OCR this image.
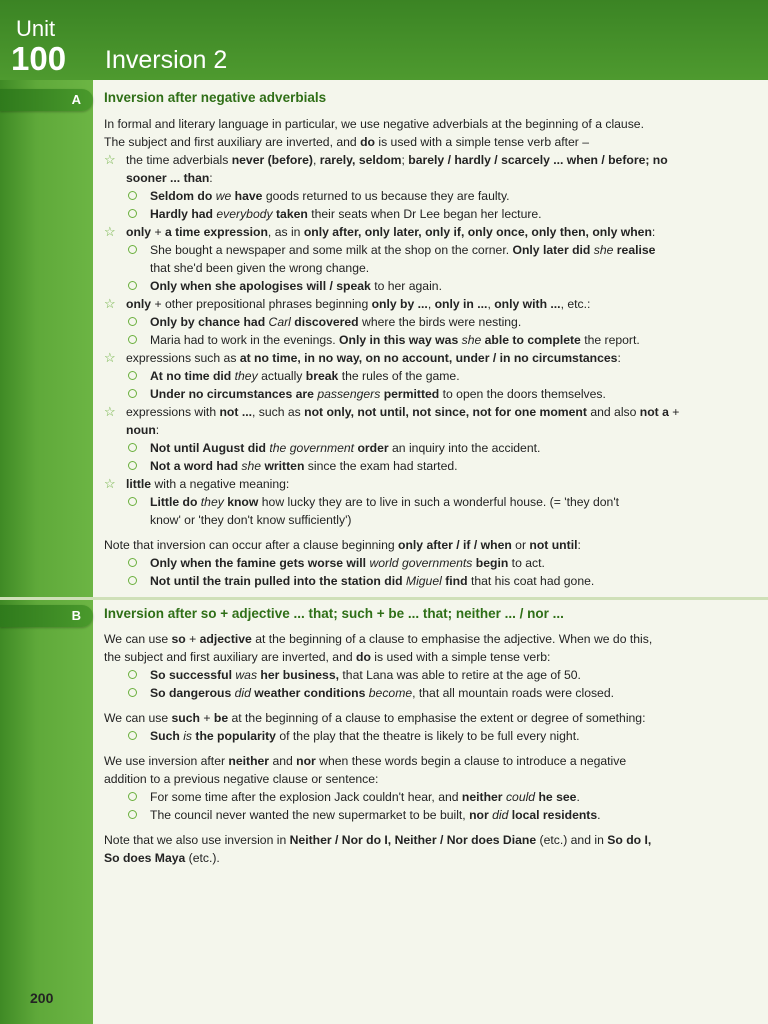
Unit
100 Inversion 2
A Inversion after negative adverbials
In formal and literary language in particular, we use negative adverbials at the beginning of a clause.
The subject and first auxiliary are inverted, and do is used with a simple tense verb after –
☆ the time adverbials never (before), rarely, seldom; barely / hardly / scarcely ... when / before; no
sooner ... than:
Seldom do we have goods returned to us because they are faulty.
Hardly had everybody taken their seats when Dr Lee began her lecture.
☆ only + a time expression, as in only after, only later, only if, only once, only then, only when:
She bought a newspaper and some milk at the shop on the corner. Only later did she realise
that she'd been given the wrong change.
Only when she apologises will / speak to her again.
☆ only + other prepositional phrases beginning only by ..., only in ..., only with ..., etc.:
Only by chance had Carl discovered where the birds were nesting.
Maria had to work in the evenings. Only in this way was she able to complete the report.
☆ expressions such as at no time, in no way, on no account, under / in no circumstances:
At no time did they actually break the rules of the game.
Under no circumstances are passengers permitted to open the doors themselves.
☆ expressions with not ..., such as not only, not until, not since, not for one moment and also not a +
noun:
Not until August did the government order an inquiry into the accident.
Not a word had she written since the exam had started.
☆ little with a negative meaning:
Little do they know how lucky they are to live in such a wonderful house. (= 'they don't
know' or 'they don't know sufficiently')
Note that inversion can occur after a clause beginning only after / if / when or not until:
Only when the famine gets worse will world governments begin to act.
Not until the train pulled into the station did Miguel find that his coat had gone.
B Inversion after so + adjective ... that; such + be ... that; neither ... / nor ...
We can use so + adjective at the beginning of a clause to emphasise the adjective. When we do this,
the subject and first auxiliary are inverted, and do is used with a simple tense verb:
So successful was her business, that Lana was able to retire at the age of 50.
So dangerous did weather conditions become, that all mountain roads were closed.
We can use such + be at the beginning of a clause to emphasise the extent or degree of something:
Such is the popularity of the play that the theatre is likely to be full every night.
We use inversion after neither and nor when these words begin a clause to introduce a negative
addition to a previous negative clause or sentence:
For some time after the explosion Jack couldn't hear, and neither could he see.
The council never wanted the new supermarket to be built, nor did local residents.
Note that we also use inversion in Neither / Nor do I, Neither / Nor does Diane (etc.) and in So do I,
So does Maya (etc.).
200
